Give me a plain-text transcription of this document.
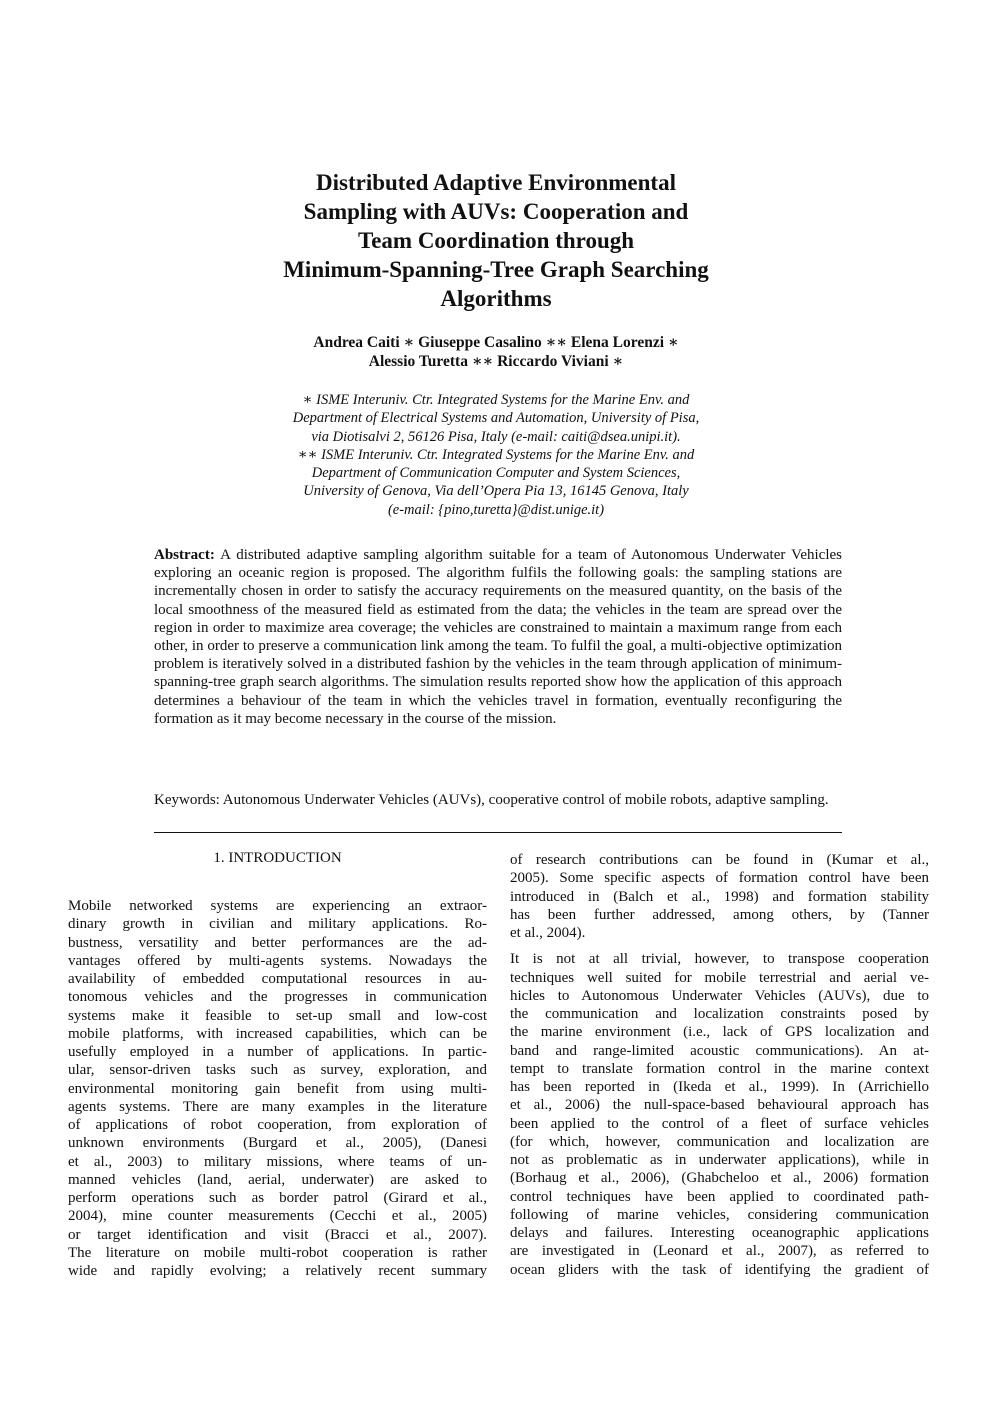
Distributed Adaptive Environmental
Sampling with AUVs: Cooperation and
Team Coordination through
Minimum-Spanning-Tree Graph Searching
Algorithms
Andrea Caiti ∗ Giuseppe Casalino ∗∗ Elena Lorenzi ∗
Alessio Turetta ∗∗ Riccardo Viviani ∗
∗ ISME Interuniv. Ctr. Integrated Systems for the Marine Env. and
Department of Electrical Systems and Automation, University of Pisa,
via Diotisalvi 2, 56126 Pisa, Italy (e-mail: caiti@dsea.unipi.it).
∗∗ ISME Interuniv. Ctr. Integrated Systems for the Marine Env. and
Department of Communication Computer and System Sciences,
University of Genova, Via dell’Opera Pia 13, 16145 Genova, Italy
(e-mail: {pino,turetta}@dist.unige.it)
Abstract: A distributed adaptive sampling algorithm suitable for a team of Autonomous Underwater Vehicles exploring an oceanic region is proposed. The algorithm fulfils the following goals: the sampling stations are incrementally chosen in order to satisfy the accuracy requirements on the measured quantity, on the basis of the local smoothness of the measured field as estimated from the data; the vehicles in the team are spread over the region in order to maximize area coverage; the vehicles are constrained to maintain a maximum range from each other, in order to preserve a communication link among the team. To fulfil the goal, a multi-objective optimization problem is iteratively solved in a distributed fashion by the vehicles in the team through application of minimum-spanning-tree graph search algorithms. The simulation results reported show how the application of this approach determines a behaviour of the team in which the vehicles travel in formation, eventually reconfiguring the formation as it may become necessary in the course of the mission.
Keywords: Autonomous Underwater Vehicles (AUVs), cooperative control of mobile robots, adaptive sampling.
1. INTRODUCTION
Mobile networked systems are experiencing an extraor-
dinary growth in civilian and military applications. Ro-
bustness, versatility and better performances are the ad-
vantages offered by multi-agents systems. Nowadays the
availability of embedded computational resources in au-
tonomous vehicles and the progresses in communication
systems make it feasible to set-up small and low-cost
mobile platforms, with increased capabilities, which can be
usefully employed in a number of applications. In partic-
ular, sensor-driven tasks such as survey, exploration, and
environmental monitoring gain benefit from using multi-
agents systems. There are many examples in the literature
of applications of robot cooperation, from exploration of
unknown environments (Burgard et al., 2005), (Danesi
et al., 2003) to military missions, where teams of un-
manned vehicles (land, aerial, underwater) are asked to
perform operations such as border patrol (Girard et al.,
2004), mine counter measurements (Cecchi et al., 2005)
or target identification and visit (Bracci et al., 2007).
The literature on mobile multi-robot cooperation is rather
wide and rapidly evolving; a relatively recent summary
of research contributions can be found in (Kumar et al.,
2005). Some specific aspects of formation control have been
introduced in (Balch et al., 1998) and formation stability
has been further addressed, among others, by (Tanner
et al., 2004).
It is not at all trivial, however, to transpose cooperation
techniques well suited for mobile terrestrial and aerial ve-
hicles to Autonomous Underwater Vehicles (AUVs), due to
the communication and localization constraints posed by
the marine environment (i.e., lack of GPS localization and
band and range-limited acoustic communications). An at-
tempt to translate formation control in the marine context
has been reported in (Ikeda et al., 1999). In (Arrichiello
et al., 2006) the null-space-based behavioural approach has
been applied to the control of a fleet of surface vehicles
(for which, however, communication and localization are
not as problematic as in underwater applications), while in
(Borhaug et al., 2006), (Ghabcheloo et al., 2006) formation
control techniques have been applied to coordinated path-
following of marine vehicles, considering communication
delays and failures. Interesting oceanographic applications
are investigated in (Leonard et al., 2007), as referred to
ocean gliders with the task of identifying the gradient of
